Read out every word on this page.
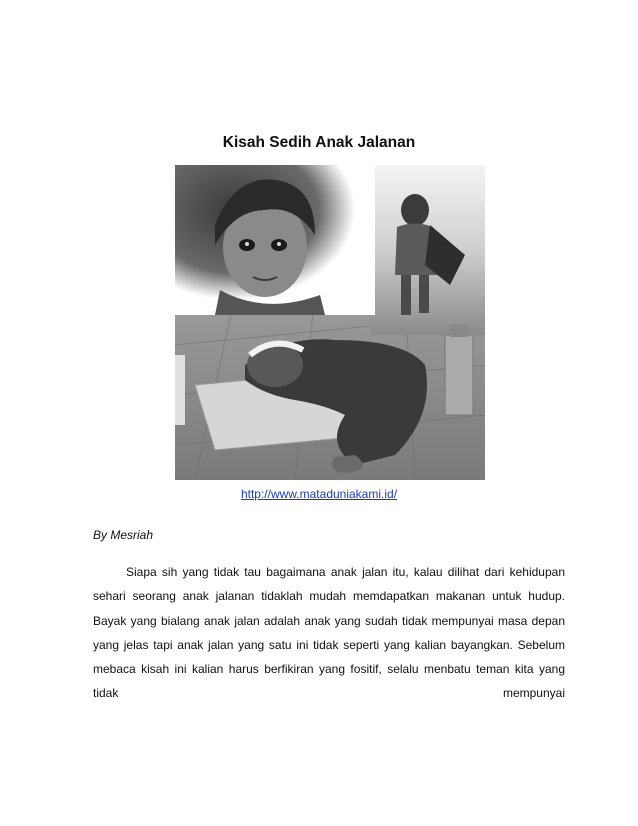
Kisah Sedih Anak Jalanan
http://www.mataduniakami.id/
By Mesriah

Siapa sih yang tidak tau bagaimana anak jalan itu, kalau dilihat dari kehidupan sehari seorang anak jalanan tidaklah mudah memdapatkan makanan untuk hudup. Bayak yang bialang anak jalan adalah anak yang sudah tidak mempunyai masa depan yang jelas tapi anak jalan yang satu ini tidak seperti yang kalian bayangkan. Sebelum mebaca kisah ini kalian harus berfikiran yang fositif, selalu menbatu teman kita yang tidak mempunyai
